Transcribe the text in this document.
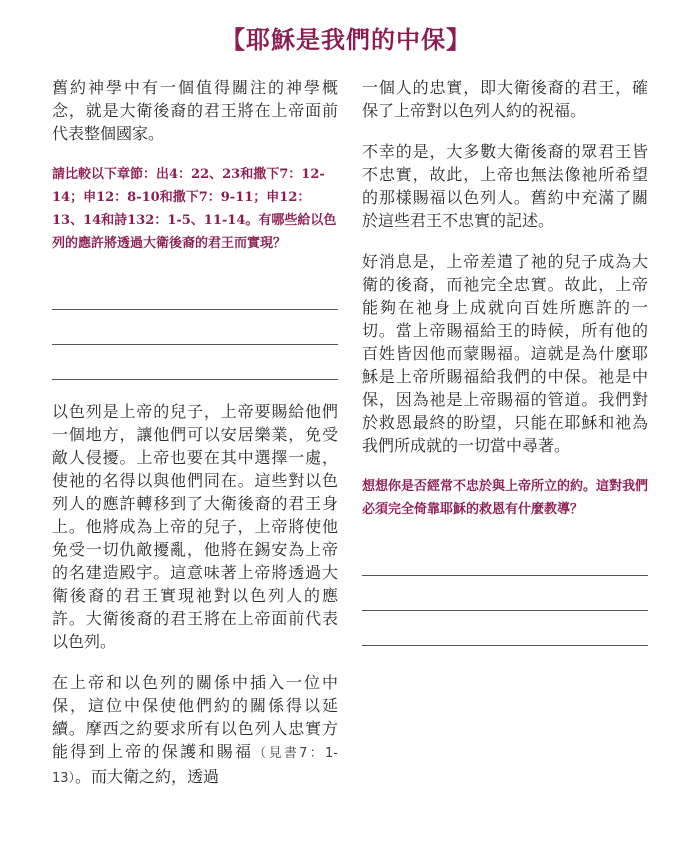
【耶穌是我們的中保】

舊約神學中有一個值得關注的神學概念，就是大衛後裔的君王將在上帝面前代表整個國家。

請比較以下章節：出4：22、23和撒下7：12-14；申12：8-10和撒下7：9-11；申12：13、14和詩132：1-5、11-14。有哪些給以色列的應許將透過大衛後裔的君王而實現？

以色列是上帝的兒子，上帝要賜給他們一個地方，讓他們可以安居樂業，免受敵人侵擾。上帝也要在其中選擇一處，使祂的名得以與他們同在。這些對以色列人的應許轉移到了大衛後裔的君王身上。他將成為上帝的兒子，上帝將使他免受一切仇敵擾亂，他將在錫安為上帝的名建造殿宇。這意味著上帝將透過大衛後裔的君王實現祂對以色列人的應許。大衛後裔的君王將在上帝面前代表以色列。

在上帝和以色列的關係中插入一位中保，這位中保使他們約的關係得以延續。摩西之約要求所有以色列人忠實方能得到上帝的保護和賜福（見書7：1-13）。而大衛之約，透過

一個人的忠實，即大衛後裔的君王，確保了上帝對以色列人約的祝福。

不幸的是，大多數大衛後裔的眾君王皆不忠實，故此，上帝也無法像祂所希望的那樣賜福以色列人。舊約中充滿了關於這些君王不忠實的記述。

好消息是，上帝差遣了祂的兒子成為大衛的後裔，而祂完全忠實。故此，上帝能夠在祂身上成就向百姓所應許的一切。當上帝賜福給王的時候，所有他的百姓皆因他而蒙賜福。這就是為什麼耶穌是上帝所賜福給我們的中保。祂是中保，因為祂是上帝賜福的管道。我們對於救恩最終的盼望，只能在耶穌和祂為我們所成就的一切當中尋著。

想想你是否經常不忠於與上帝所立的約。這對我們必須完全倚靠耶穌的救恩有什麼教導？
